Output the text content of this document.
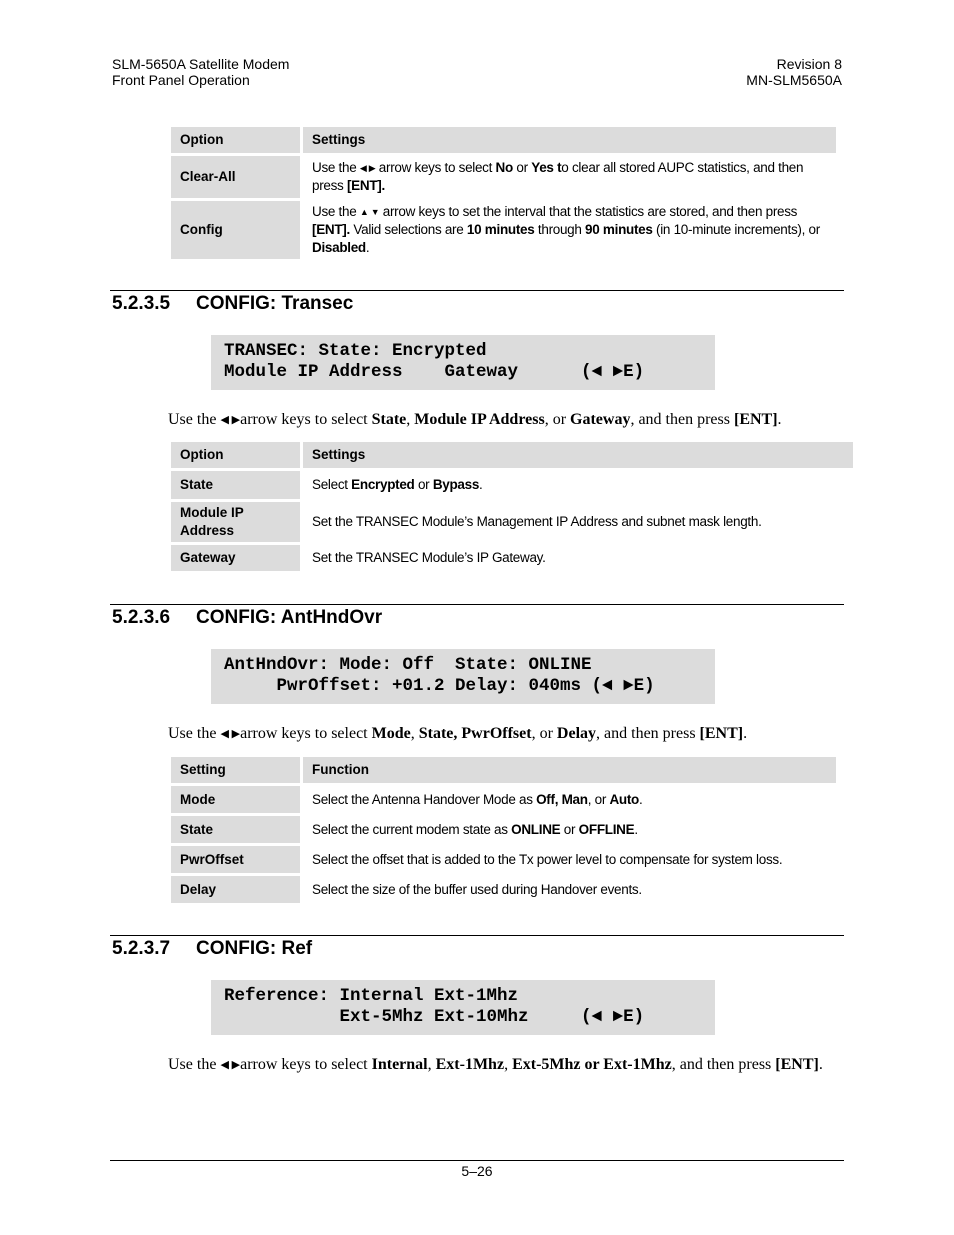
SLM-5650A Satellite Modem
Front Panel Operation
Revision 8
MN-SLM5650A
Option	Settings
Clear-All	Use the ◀ ▶ arrow keys to select No or Yes to clear all stored AUPC statistics, and then press [ENT].
Config	Use the ▲ ▼ arrow keys to set the interval that the statistics are stored, and then press [ENT]. Valid selections are 10 minutes through 90 minutes (in 10-minute increments), or Disabled.
5.2.3.5 CONFIG: Transec
TRANSEC: State: Encrypted
Module IP Address    Gateway      (◄ ►E)
Use the ◀ ▶arrow keys to select State, Module IP Address, or Gateway, and then press [ENT].
Option	Settings
State	Select Encrypted or Bypass.
Module IP Address	Set the TRANSEC Module’s Management IP Address and subnet mask length.
Gateway	Set the TRANSEC Module’s IP Gateway.
5.2.3.6 CONFIG: AntHndOvr
AntHndOvr: Mode: Off  State: ONLINE
PwrOffset: +01.2 Delay: 040ms (◄ ►E)
Use the ◀ ▶arrow keys to select Mode, State, PwrOffset, or Delay, and then press [ENT].
Setting	Function
Mode	Select the Antenna Handover Mode as Off, Man, or Auto.
State	Select the current modem state as ONLINE or OFFLINE.
PwrOffset	Select the offset that is added to the Tx power level to compensate for system loss.
Delay	Select the size of the buffer used during Handover events.
5.2.3.7 CONFIG: Ref
Reference: Internal Ext-1Mhz
Ext-5Mhz Ext-10Mhz     (◄ ►E)
Use the ◀ ▶arrow keys to select Internal, Ext-1Mhz, Ext-5Mhz or Ext-1Mhz, and then press [ENT].
5–26
